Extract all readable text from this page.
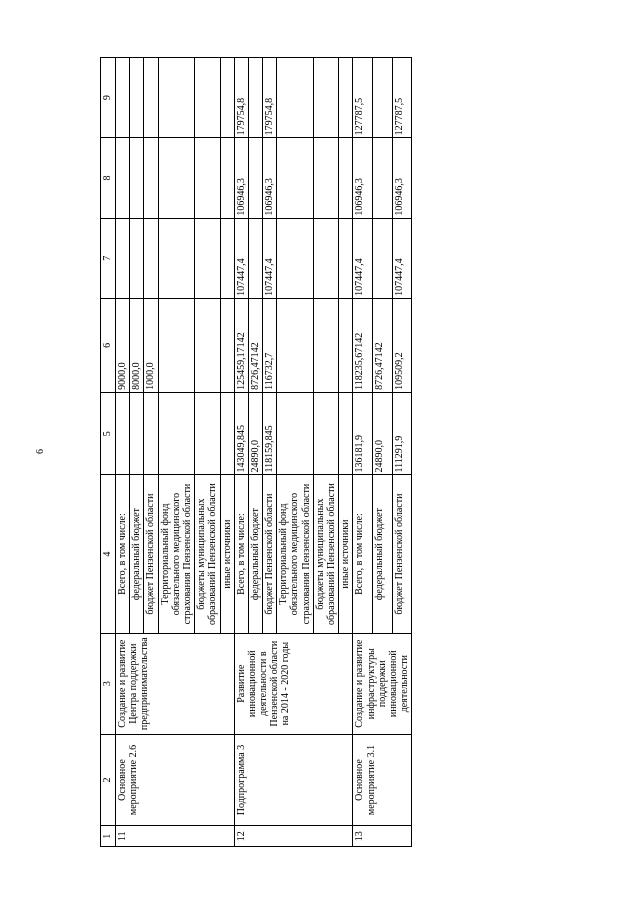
6
1	2	3	4	5	6	7	8	9
11	Основное мероприятие 2.6	Создание и развитие Центра поддержки предпринимательства	Всего, в том числе:		9000,0			
			федеральный бюджет		8000,0			
			бюджет Пензенской области		1000,0			
			Территориальный фонд обязательного медицинского страхования Пензенской области					
			бюджеты муниципальных образований Пензенской области					
			иные источники					
12	Подпрограмма 3	Развитие инновационной деятельности в Пензенской области на 2014 - 2020 годы	Всего, в том числе:	143049,845	125459,17142	107447,4	106946,3	179754,8
			федеральный бюджет	24890,0	8726,47142			
			бюджет Пензенской области	118159,845	116732,7	107447,4	106946,3	179754,8
			Территориальный фонд обязательного медицинского страхования Пензенской области					
			бюджеты муниципальных образований Пензенской области					
			иные источники					
13	Основное мероприятие 3.1	Создание и развитие инфраструктуры поддержки инновационной деятельности	Всего, в том числе:	136181,9	118235,67142	107447,4	106946,3	127787,5
			федеральный бюджет	24890,0	8726,47142			
			бюджет Пензенской области	111291,9	109509,2	107447,4	106946,3	127787,5
